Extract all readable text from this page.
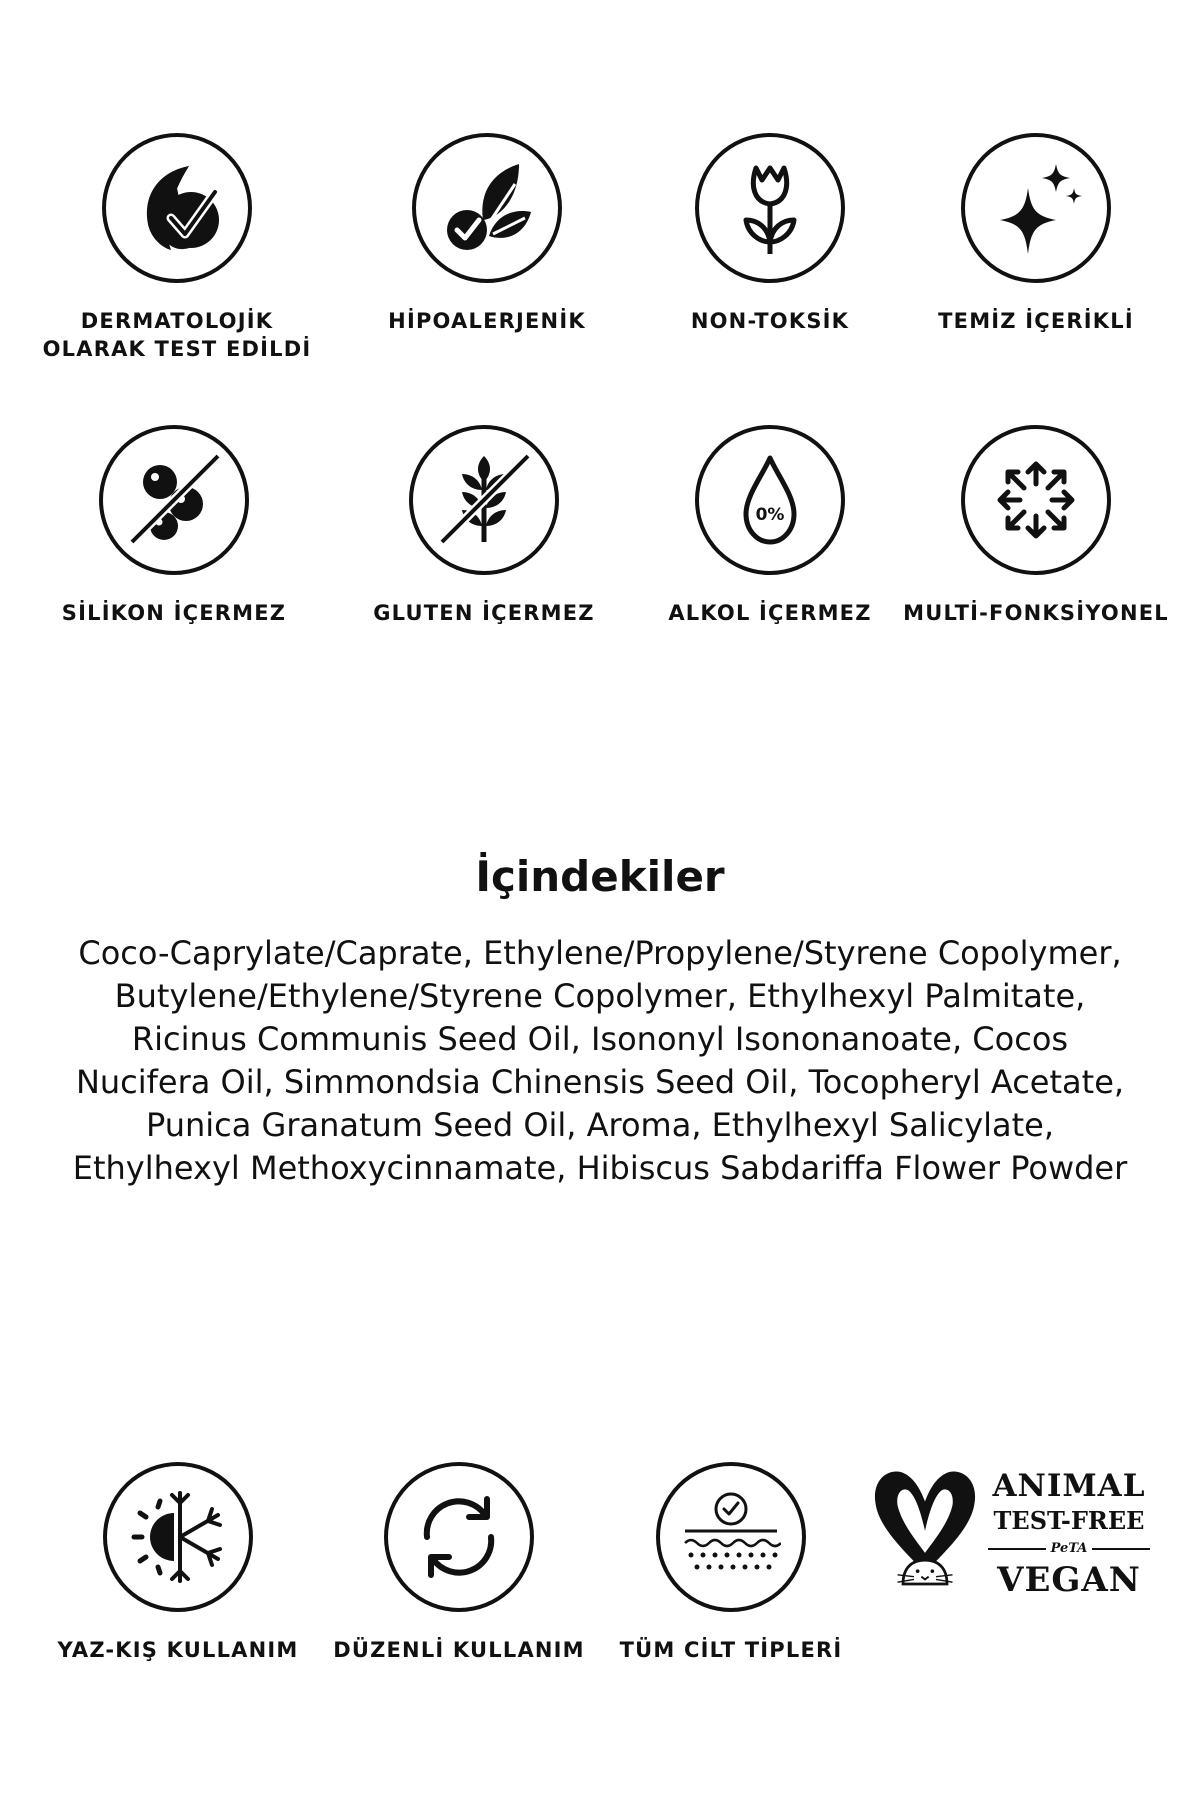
DERMATOLOJİK OLARAK TEST EDİLDİ
HİPOALERJENİK	NON-TOKSİK	TEMİZ İÇERİKLİ
SİLİKON İÇERMEZ	GLUTEN İÇERMEZ
0%
ALKOL İÇERMEZ	MULTİ-FONKSİYONEL
İçindekiler
Coco-Caprylate/Caprate, Ethylene/Propylene/Styrene Copolymer, Butylene/Ethylene/Styrene Copolymer, Ethylhexyl Palmitate, Ricinus Communis Seed Oil, Isononyl Isononanoate, Cocos Nucifera Oil, Simmondsia Chinensis Seed Oil, Tocopheryl Acetate, Punica Granatum Seed Oil, Aroma, Ethylhexyl Salicylate, Ethylhexyl Methoxycinnamate, Hibiscus Sabdariffa Flower Powder
YAZ-KIŞ KULLANIM	DÜZENLİ KULLANIM	TÜM CİLT TİPLERİ
ANIMAL
TEST-FREE
PeTA
VEGAN
